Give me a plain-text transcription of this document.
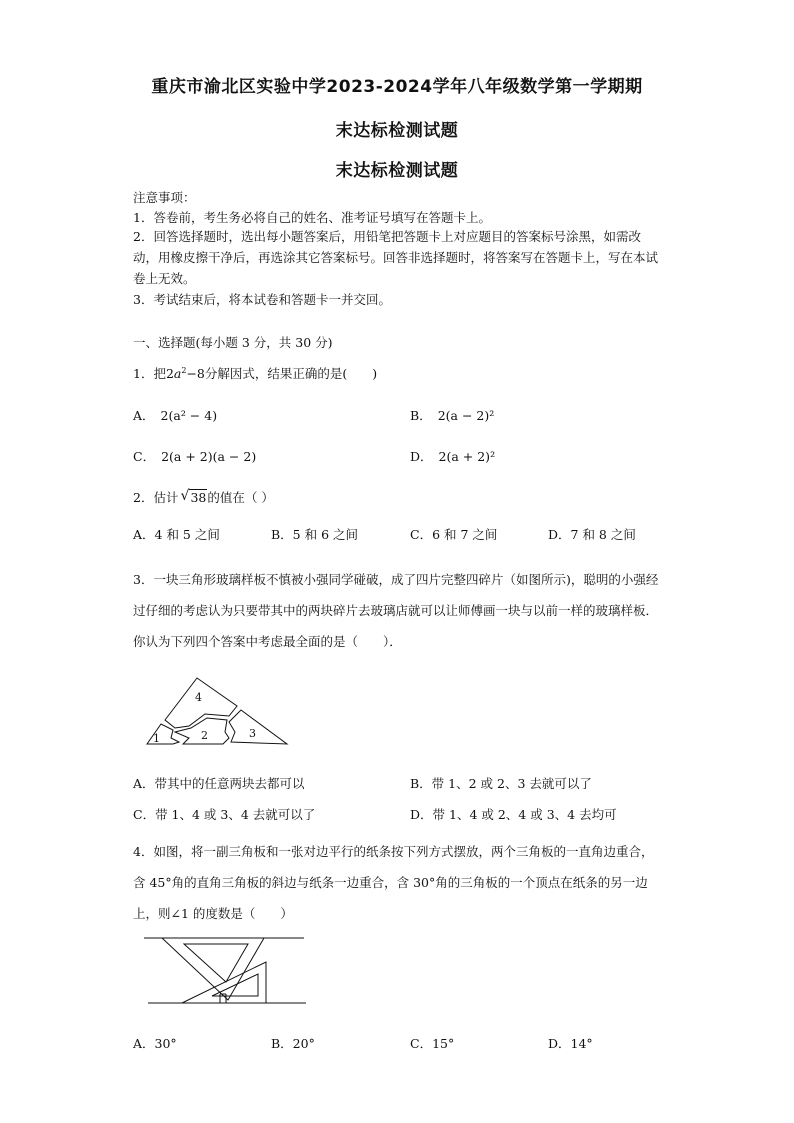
重庆市渝北区实验中学2023-2024学年八年级数学第一学期期
末达标检测试题
末达标检测试题
注意事项：
1．答卷前，考生务必将自己的姓名、准考证号填写在答题卡上。
2．回答选择题时，选出每小题答案后，用铅笔把答题卡上对应题目的答案标号涂黑，如需改动，用橡皮擦干净后，再选涂其它答案标号。回答非选择题时，将答案写在答题卡上，写在本试卷上无效。
3．考试结束后，将本试卷和答题卡一并交回。
一、选择题(每小题 3 分，共 30 分)
1．把$2a^2-8$分解因式，结果正确的是(　　)
A． 2(a² − 4)	B． 2(a − 2)²
C． 2(a + 2)(a − 2)	D． 2(a + 2)²
2．估计 √ 38的值在（ ）
A．4 和 5 之间	B．5 和 6 之间	C．6 和 7 之间	D．7 和 8 之间
3．一块三角形玻璃样板不慎被小强同学碰破，成了四片完整四碎片（如图所示)，聪明的小强经过仔细的考虑认为只要带其中的两块碎片去玻璃店就可以让师傅画一块与以前一样的玻璃样板．你认为下列四个答案中考虑最全面的是（　　）．
1	2	3
4
A．带其中的任意两块去都可以	B．带 1、2 或 2、3 去就可以了
C．带 1、4 或 3、4 去就可以了	D．带 1、4 或 2、4 或 3、4 去均可
4．如图，将一副三角板和一张对边平行的纸条按下列方式摆放，两个三角板的一直角边重合，含 45°角的直角三角板的斜边与纸条一边重合，含 30°角的三角板的一个顶点在纸条的另一边上，则∠1 的度数是（　　）
A．30°	B．20°	C．15°	D．14°
